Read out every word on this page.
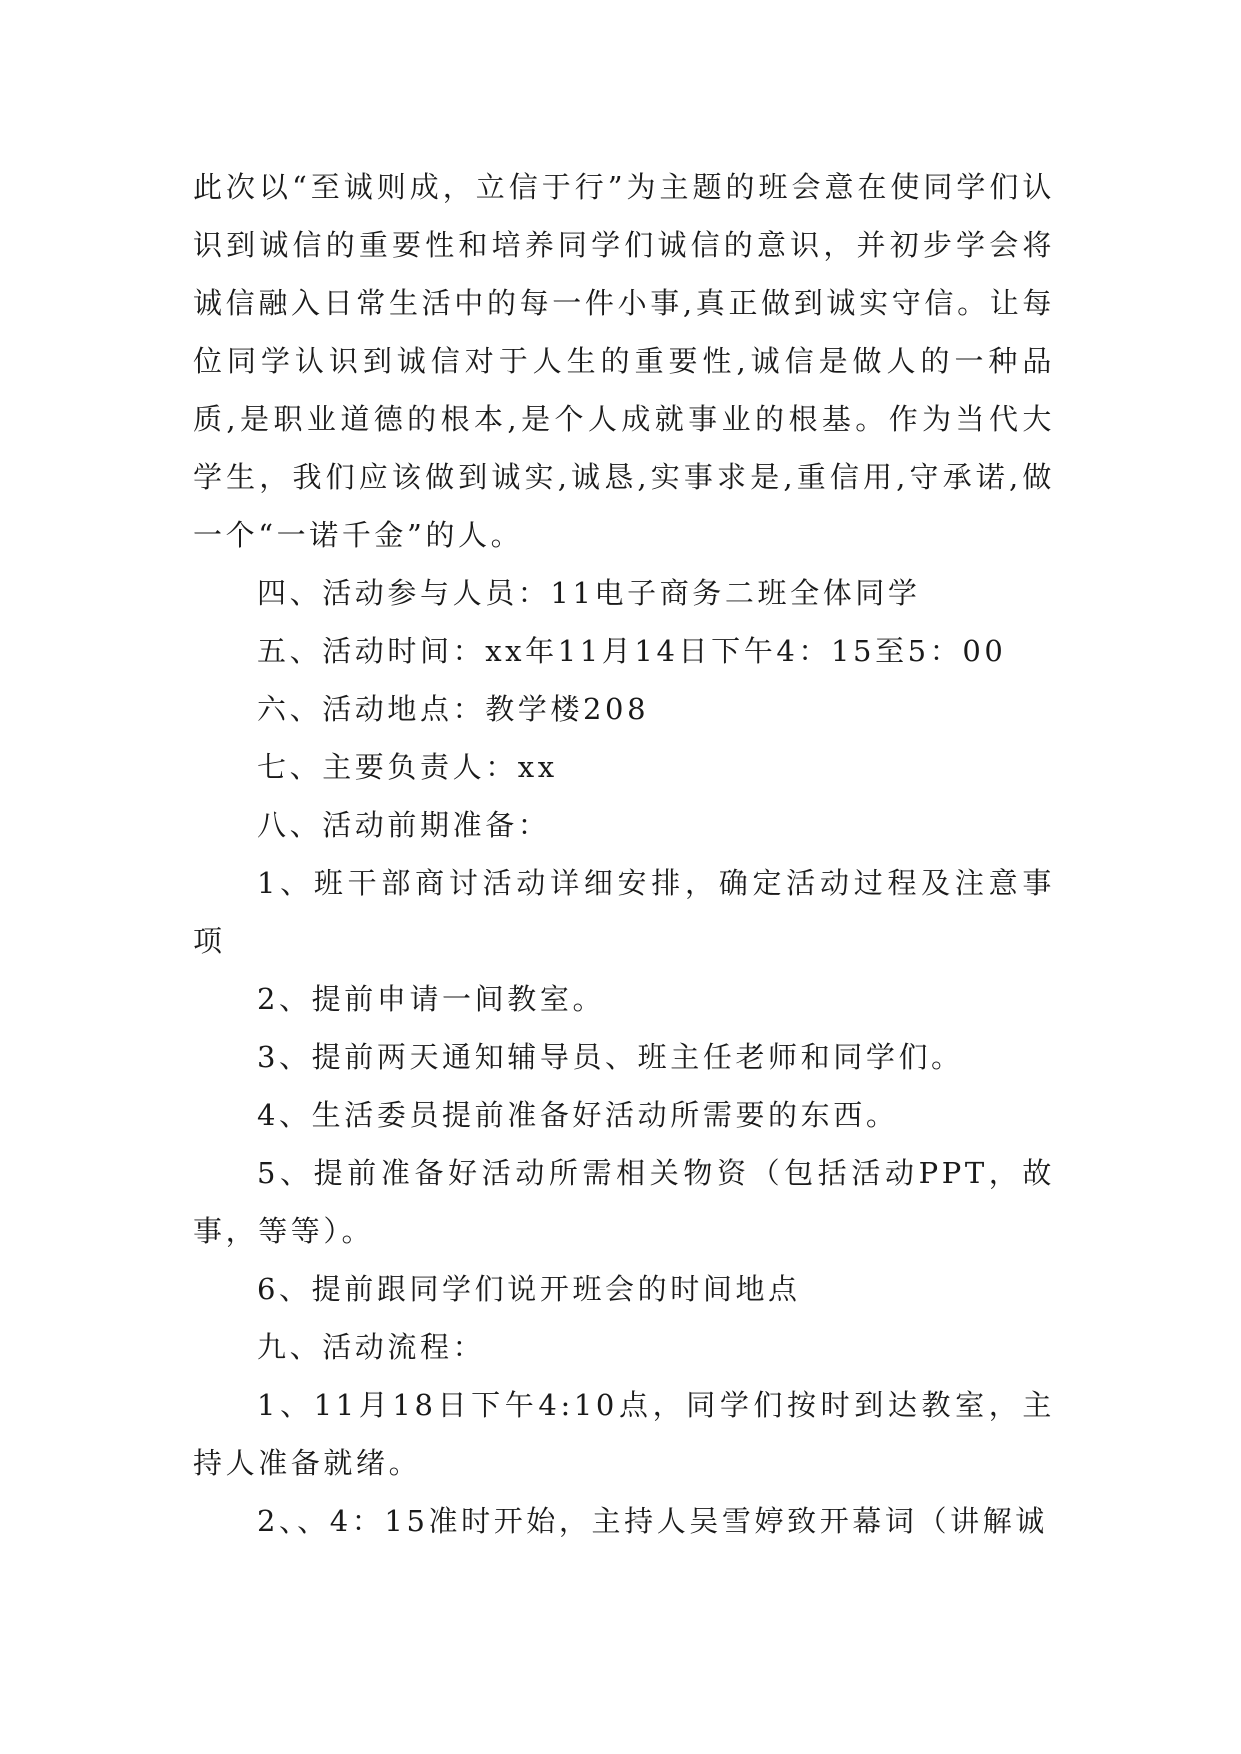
此次以“至诚则成，立信于行”为主题的班会意在使同学们认识到诚信的重要性和培养同学们诚信的意识，并初步学会将诚信融入日常生活中的每一件小事,真正做到诚实守信。让每位同学认识到诚信对于人生的重要性,诚信是做人的一种品质,是职业道德的根本,是个人成就事业的根基。作为当代大学生，我们应该做到诚实,诚恳,实事求是,重信用,守承诺,做一个“一诺千金”的人。

四、活动参与人员：11电子商务二班全体同学

五、活动时间：xx年11月14日下午4：15至5：00

六、活动地点：教学楼208

七、主要负责人：xx

八、活动前期准备：

1、班干部商讨活动详细安排，确定活动过程及注意事项

2、提前申请一间教室。

3、提前两天通知辅导员、班主任老师和同学们。

4、生活委员提前准备好活动所需要的东西。

5、提前准备好活动所需相关物资（包括活动PPT，故事，等等）。

6、提前跟同学们说开班会的时间地点

九、活动流程：

1、11月18日下午4:10点，同学们按时到达教室，主持人准备就绪。

2、、4：15准时开始，主持人吴雪婷致开幕词（讲解诚
